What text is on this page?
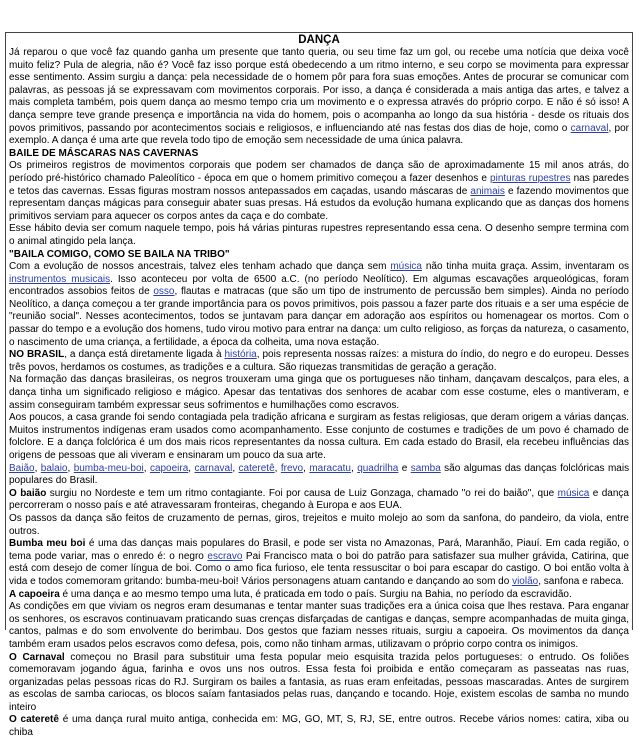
DANÇA

Já reparou o que você faz quando ganha um presente que tanto queria, ou seu time faz um gol, ou recebe uma notícia que deixa você muito feliz? Pula de alegria, não é? Você faz isso porque está obedecendo a um ritmo interno, e seu corpo se movimenta para expressar esse sentimento. Assim surgiu a dança: pela necessidade de o homem pôr para fora suas emoções. Antes de procurar se comunicar com palavras, as pessoas já se expressavam com movimentos corporais. Por isso, a dança é considerada a mais antiga das artes, e talvez a mais completa também, pois quem dança ao mesmo tempo cria um movimento e o expressa através do próprio corpo. E não é só isso! A dança sempre teve grande presença e importância na vida do homem, pois o acompanha ao longo da sua história - desde os rituais dos povos primitivos, passando por acontecimentos sociais e religiosos, e influenciando até nas festas dos dias de hoje, como o carnaval, por exemplo. A dança é uma arte que revela todo tipo de emoção sem necessidade de uma única palavra.

BAILE DE MÁSCARAS NAS CAVERNAS

Os primeiros registros de movimentos corporais que podem ser chamados de dança são de aproximadamente 15 mil anos atrás, do período pré-histórico chamado Paleolítico - época em que o homem primitivo começou a fazer desenhos e pinturas rupestres nas paredes e tetos das cavernas. Essas figuras mostram nossos antepassados em caçadas, usando máscaras de animais e fazendo movimentos que representam danças mágicas para conseguir abater suas presas. Há estudos da evolução humana explicando que as danças dos homens primitivos serviam para aquecer os corpos antes da caça e do combate.

Esse hábito devia ser comum naquele tempo, pois há várias pinturas rupestres representando essa cena. O desenho sempre termina com o animal atingido pela lança.

"BAILA COMIGO, COMO SE BAILA NA TRIBO"

Com a evolução de nossos ancestrais, talvez eles tenham achado que dança sem música não tinha muita graça. Assim, inventaram os instrumentos musicais. Isso aconteceu por volta de 6500 a.C. (no período Neolítico). Em algumas escavações arqueológicas, foram encontrados assobios feitos de osso, flautas e matracas (que são um tipo de instrumento de percussão bem simples). Ainda no período Neolítico, a dança começou a ter grande importância para os povos primitivos, pois passou a fazer parte dos rituais e a ser uma espécie de "reunião social". Nesses acontecimentos, todos se juntavam para dançar em adoração aos espíritos ou homenagear os mortos. Com o passar do tempo e a evolução dos homens, tudo virou motivo para entrar na dança: um culto religioso, as forças da natureza, o casamento, o nascimento de uma criança, a fertilidade, a época da colheita, uma nova estação.

NO BRASIL, a dança está diretamente ligada à história, pois representa nossas raízes: a mistura do índio, do negro e do europeu. Desses três povos, herdamos os costumes, as tradições e a cultura. São riquezas transmitidas de geração a geração.

Na formação das danças brasileiras, os negros trouxeram uma ginga que os portugueses não tinham, dançavam descalços, para eles, a dança tinha um significado religioso e mágico. Apesar das tentativas dos senhores de acabar com esse costume, eles o mantiveram, e assim conseguiram também expressar seus sofrimentos e humilhações como escravos.

Aos poucos, a casa grande foi sendo contagiada pela tradição africana e surgiram as festas religiosas, que deram origem a várias danças. Muitos instrumentos indígenas eram usados como acompanhamento. Esse conjunto de costumes e tradições de um povo é chamado de folclore. E a dança folclórica é um dos mais ricos representantes da nossa cultura. Em cada estado do Brasil, ela recebeu influências das origens de pessoas que ali viveram e ensinaram um pouco da sua arte.

Baião, balaio, bumba-meu-boi, capoeira, carnaval, cateretê, frevo, maracatu, quadrilha e samba são algumas das danças folclóricas mais populares do Brasil.

O baião surgiu no Nordeste e tem um ritmo contagiante. Foi por causa de Luiz Gonzaga, chamado "o rei do baião", que música e dança percorreram o nosso país e até atravessaram fronteiras, chegando à Europa e aos EUA.

Os passos da dança são feitos de cruzamento de pernas, giros, trejeitos e muito molejo ao som da sanfona, do pandeiro, da viola, entre outros.

Bumba meu boi é uma das danças mais populares do Brasil, e pode ser vista no Amazonas, Pará, Maranhão, Piauí. Em cada região, o tema pode variar, mas o enredo é: o negro escravo Pai Francisco mata o boi do patrão para satisfazer sua mulher grávida, Catirina, que está com desejo de comer língua de boi. Como o amo fica furioso, ele tenta ressuscitar o boi para escapar do castigo. O boi então volta à vida e todos comemoram gritando: bumba-meu-boi! Vários personagens atuam cantando e dançando ao som do violão, sanfona e rabeca.

A capoeira é uma dança e ao mesmo tempo uma luta, é praticada em todo o país. Surgiu na Bahia, no período da escravidão.

As condições em que viviam os negros eram desumanas e tentar manter suas tradições era a única coisa que lhes restava. Para enganar os senhores, os escravos continuavam praticando suas crenças disfarçadas de cantigas e danças, sempre acompanhadas de muita ginga, cantos, palmas e do som envolvente do berimbau. Dos gestos que faziam nesses rituais, surgiu a capoeira. Os movimentos da dança também eram usados pelos escravos como defesa, pois, como não tinham armas, utilizavam o próprio corpo contra os inimigos.

O Carnaval começou no Brasil para substituir uma festa popular meio esquisita trazida pelos portugueses: o entrudo. Os foliões comemoravam jogando água, farinha e ovos uns nos outros. Essa festa foi proibida e então começaram as passeatas nas ruas, organizadas pelas pessoas ricas do RJ. Surgiram os bailes a fantasia, as ruas eram enfeitadas, pessoas mascaradas. Antes de surgirem as escolas de samba cariocas, os blocos saíam fantasiados pelas ruas, dançando e tocando. Hoje, existem escolas de samba no mundo inteiro

O cateretê é uma dança rural muito antiga, conhecida em: MG, GO, MT, S, RJ, SE, entre outros. Recebe vários nomes: catira, xiba ou chiba
